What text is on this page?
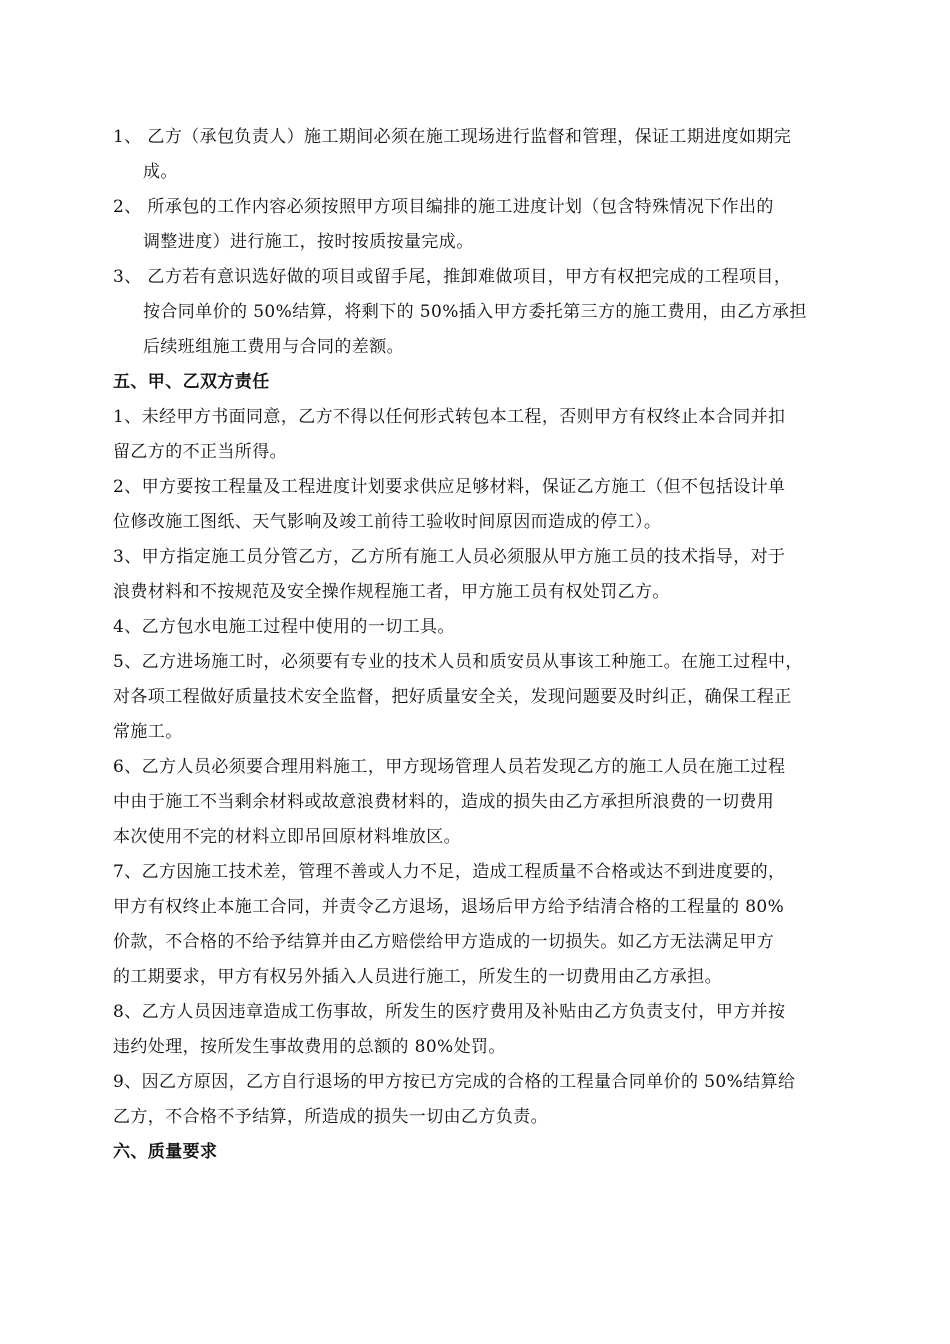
1、 乙方（承包负责人）施工期间必须在施工现场进行监督和管理，保证工期进度如期完
成。
2、 所承包的工作内容必须按照甲方项目编排的施工进度计划（包含特殊情况下作出的
调整进度）进行施工，按时按质按量完成。
3、 乙方若有意识选好做的项目或留手尾，推卸难做项目，甲方有权把完成的工程项目，
按合同单价的 50%结算，将剩下的 50%插入甲方委托第三方的施工费用，由乙方承担
后续班组施工费用与合同的差额。
五、甲、乙双方责任
1、未经甲方书面同意，乙方不得以任何形式转包本工程，否则甲方有权终止本合同并扣
留乙方的不正当所得。
2、甲方要按工程量及工程进度计划要求供应足够材料，保证乙方施工（但不包括设计单
位修改施工图纸、天气影响及竣工前待工验收时间原因而造成的停工）。
3、甲方指定施工员分管乙方，乙方所有施工人员必须服从甲方施工员的技术指导，对于
浪费材料和不按规范及安全操作规程施工者，甲方施工员有权处罚乙方。
4、乙方包水电施工过程中使用的一切工具。
5、乙方进场施工时，必须要有专业的技术人员和质安员从事该工种施工。在施工过程中，
对各项工程做好质量技术安全监督，把好质量安全关，发现问题要及时纠正，确保工程正
常施工。
6、乙方人员必须要合理用料施工，甲方现场管理人员若发现乙方的施工人员在施工过程
中由于施工不当剩余材料或故意浪费材料的，造成的损失由乙方承担所浪费的一切费用
本次使用不完的材料立即吊回原材料堆放区。
7、乙方因施工技术差，管理不善或人力不足，造成工程质量不合格或达不到进度要的，
甲方有权终止本施工合同，并责令乙方退场，退场后甲方给予结清合格的工程量的 80%
价款，不合格的不给予结算并由乙方赔偿给甲方造成的一切损失。如乙方无法满足甲方
的工期要求，甲方有权另外插入人员进行施工，所发生的一切费用由乙方承担。
8、乙方人员因违章造成工伤事故，所发生的医疗费用及补贴由乙方负责支付，甲方并按
违约处理，按所发生事故费用的总额的 80%处罚。
9、因乙方原因，乙方自行退场的甲方按已方完成的合格的工程量合同单价的 50%结算给
乙方，不合格不予结算，所造成的损失一切由乙方负责。
六、质量要求
